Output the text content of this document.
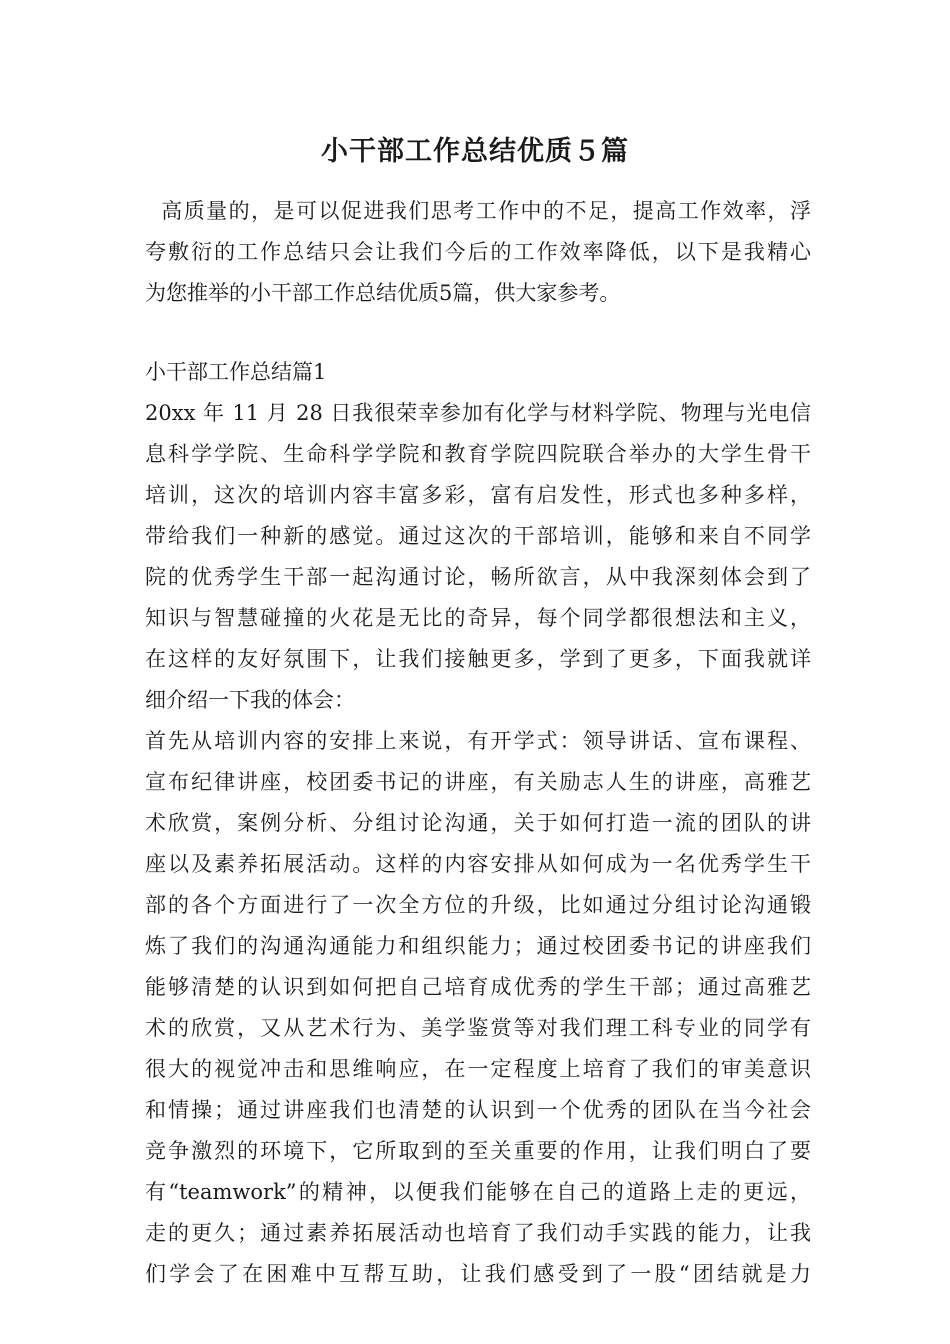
小干部工作总结优质５篇
高质量的，是可以促进我们思考工作中的不足，提高工作效率，浮
夸敷衍的工作总结只会让我们今后的工作效率降低，以下是我精心
为您推举的小干部工作总结优质5篇，供大家参考。
小干部工作总结篇1
20xx 年 11 月 28 日我很荣幸参加有化学与材料学院、物理与光电信
息科学学院、生命科学学院和教育学院四院联合举办的大学生骨干
培训，这次的培训内容丰富多彩，富有启发性，形式也多种多样，
带给我们一种新的感觉。通过这次的干部培训，能够和来自不同学
院的优秀学生干部一起沟通讨论，畅所欲言，从中我深刻体会到了
知识与智慧碰撞的火花是无比的奇异，每个同学都很想法和主义，
在这样的友好氛围下，让我们接触更多，学到了更多，下面我就详
细介绍一下我的体会：
首先从培训内容的安排上来说，有开学式：领导讲话、宣布课程、
宣布纪律讲座，校团委书记的讲座，有关励志人生的讲座，高雅艺
术欣赏，案例分析、分组讨论沟通，关于如何打造一流的团队的讲
座以及素养拓展活动。这样的内容安排从如何成为一名优秀学生干
部的各个方面进行了一次全方位的升级，比如通过分组讨论沟通锻
炼了我们的沟通沟通能力和组织能力；通过校团委书记的讲座我们
能够清楚的认识到如何把自己培育成优秀的学生干部；通过高雅艺
术的欣赏，又从艺术行为、美学鉴赏等对我们理工科专业的同学有
很大的视觉冲击和思维响应，在一定程度上培育了我们的审美意识
和情操；通过讲座我们也清楚的认识到一个优秀的团队在当今社会
竞争激烈的环境下，它所取到的至关重要的作用，让我们明白了要
有“teamwork”的精神，以便我们能够在自己的道路上走的更远，
走的更久；通过素养拓展活动也培育了我们动手实践的能力，让我
们学会了在困难中互帮互助，让我们感受到了一股“团结就是力
